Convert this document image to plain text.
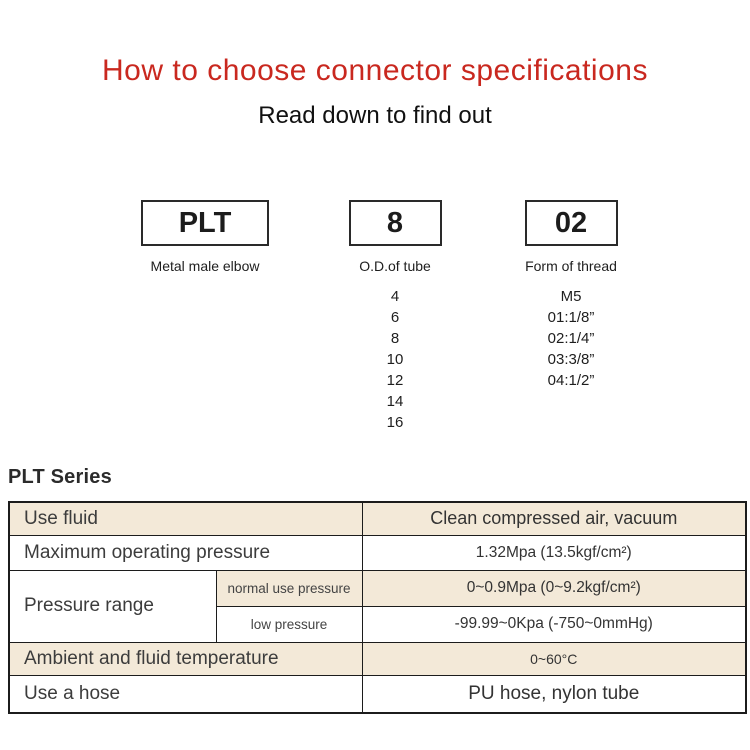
How to choose connector specifications
Read down to find out
PLT
Metal male elbow
8
O.D.of tube
4
6
8
10
12
14
16
02
Form of thread
M5
01:1/8”
02:1/4”
03:3/8”
04:1/2”
PLT Series
Use fluid		Clean compressed air, vacuum
Maximum operating pressure		1.32Mpa (13.5kgf/cm²)
Pressure range	normal use pressure	0~0.9Mpa (0~9.2kgf/cm²)
	low pressure	-99.99~0Kpa (-750~0mmHg)
Ambient and fluid temperature		0~60°C
Use a hose		PU hose, nylon tube
